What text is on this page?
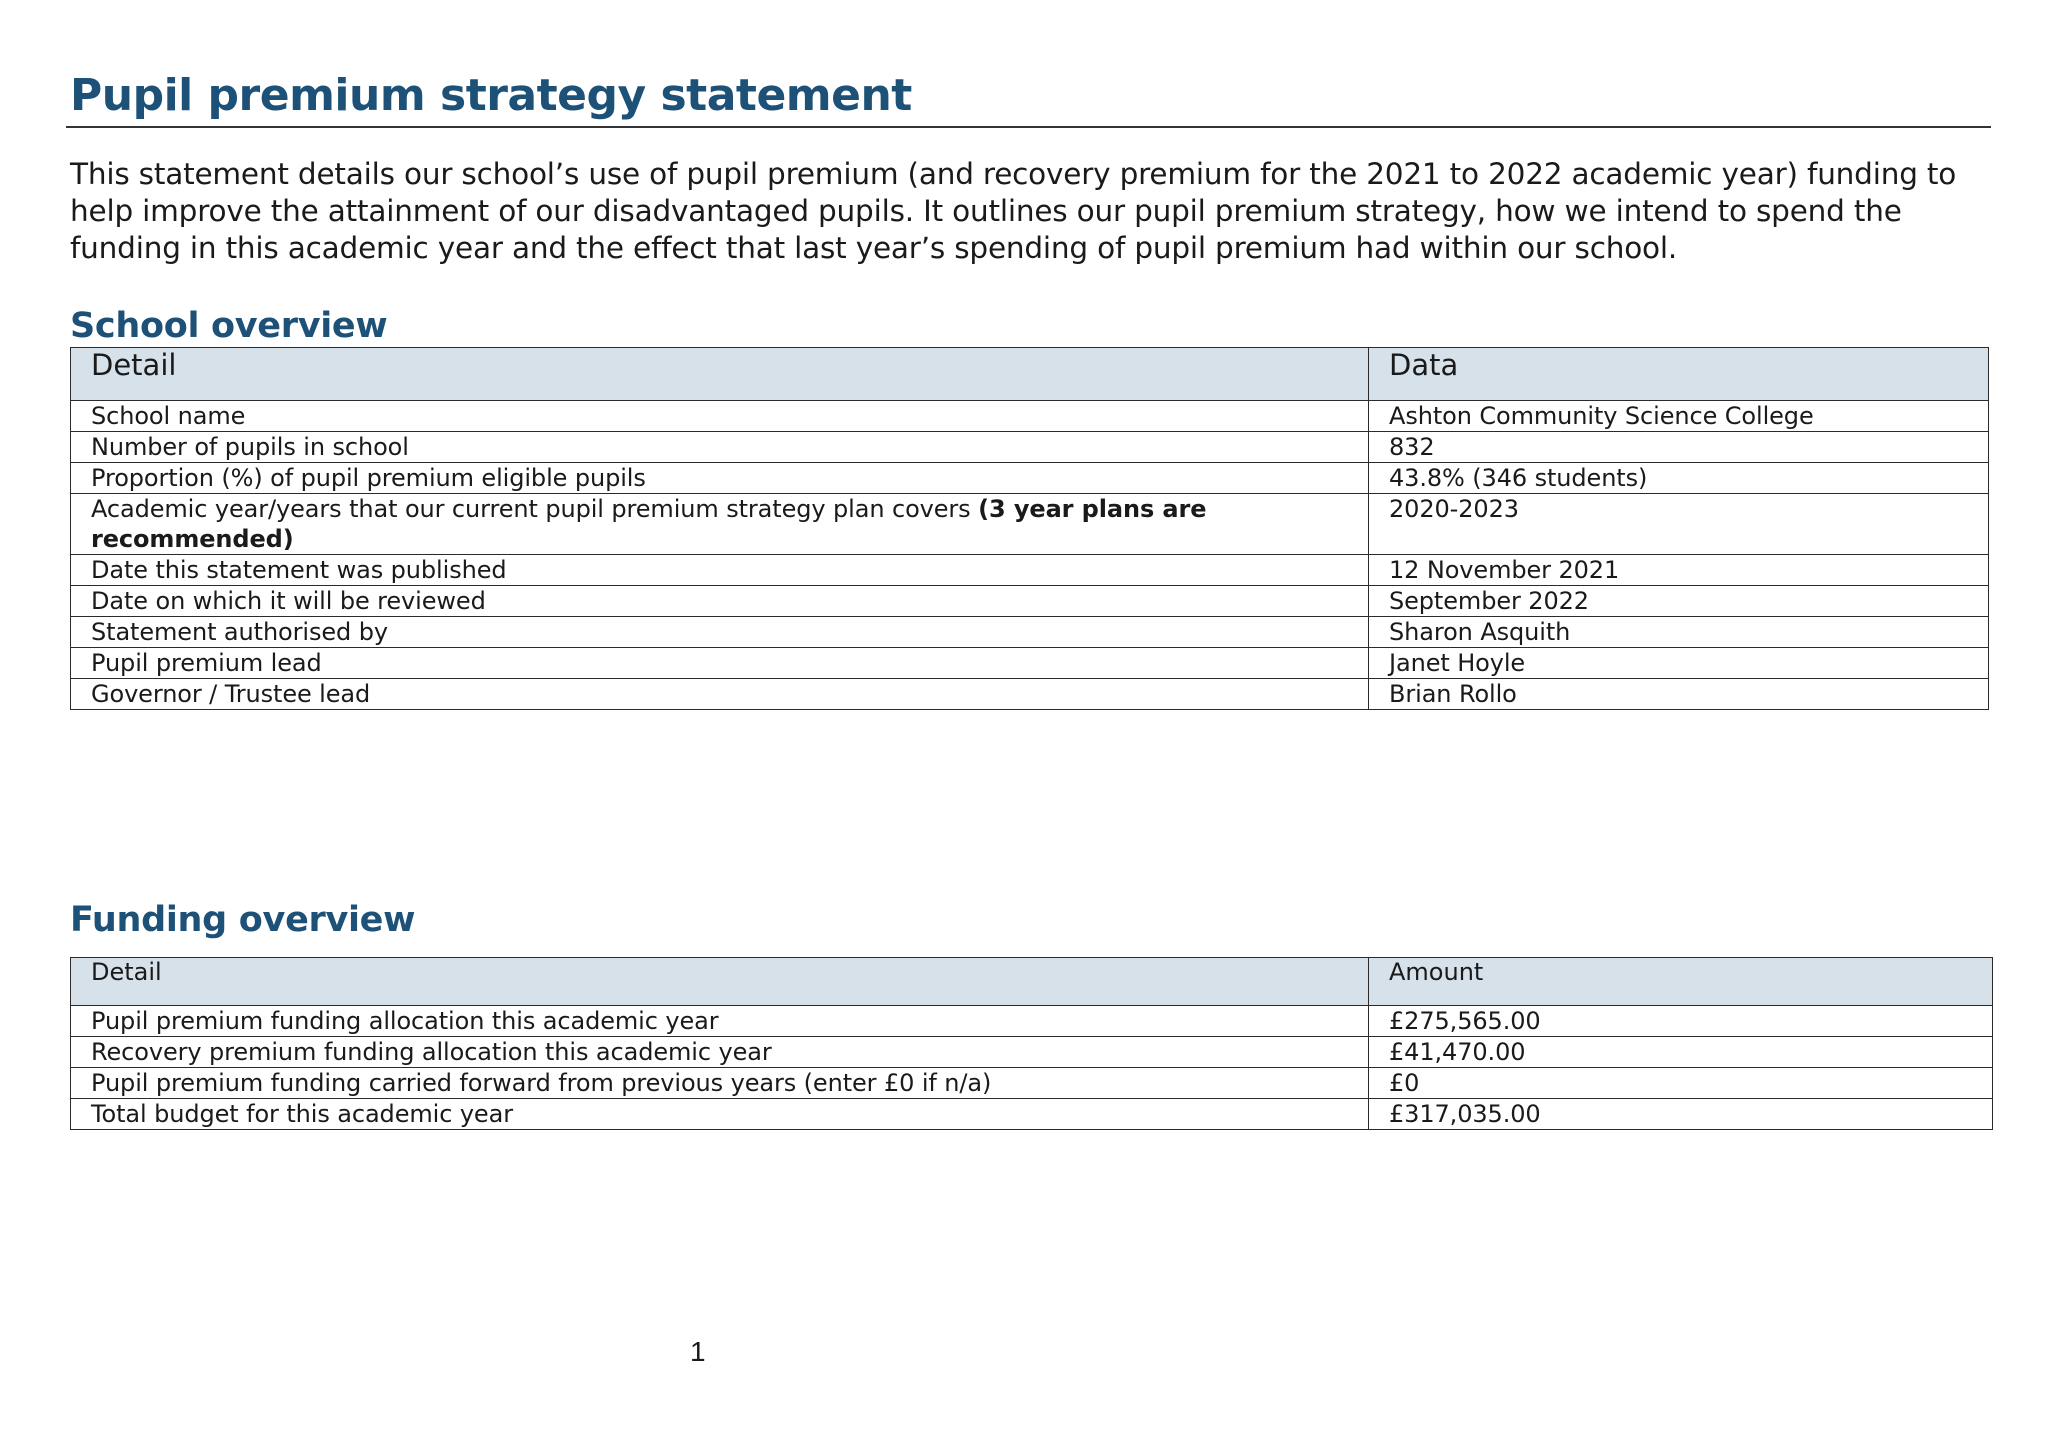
Pupil premium strategy statement

This statement details our school’s use of pupil premium (and recovery premium for the 2021 to 2022 academic year) funding to help improve the attainment of our disadvantaged pupils. It outlines our pupil premium strategy, how we intend to spend the funding in this academic year and the effect that last year’s spending of pupil premium had within our school.

School overview
Detail	Data
School name	Ashton Community Science College
Number of pupils in school	832
Proportion (%) of pupil premium eligible pupils	43.8% (346 students)
Academic year/years that our current pupil premium strategy plan covers (3 year plans are recommended)	2020-2023
Date this statement was published	12 November 2021
Date on which it will be reviewed	September 2022
Statement authorised by	Sharon Asquith
Pupil premium lead	Janet Hoyle
Governor / Trustee lead	Brian Rollo
Funding overview
Detail	Amount
Pupil premium funding allocation this academic year	£275,565.00
Recovery premium funding allocation this academic year	£41,470.00
Pupil premium funding carried forward from previous years (enter £0 if n/a)	£0
Total budget for this academic year	£317,035.00
1
